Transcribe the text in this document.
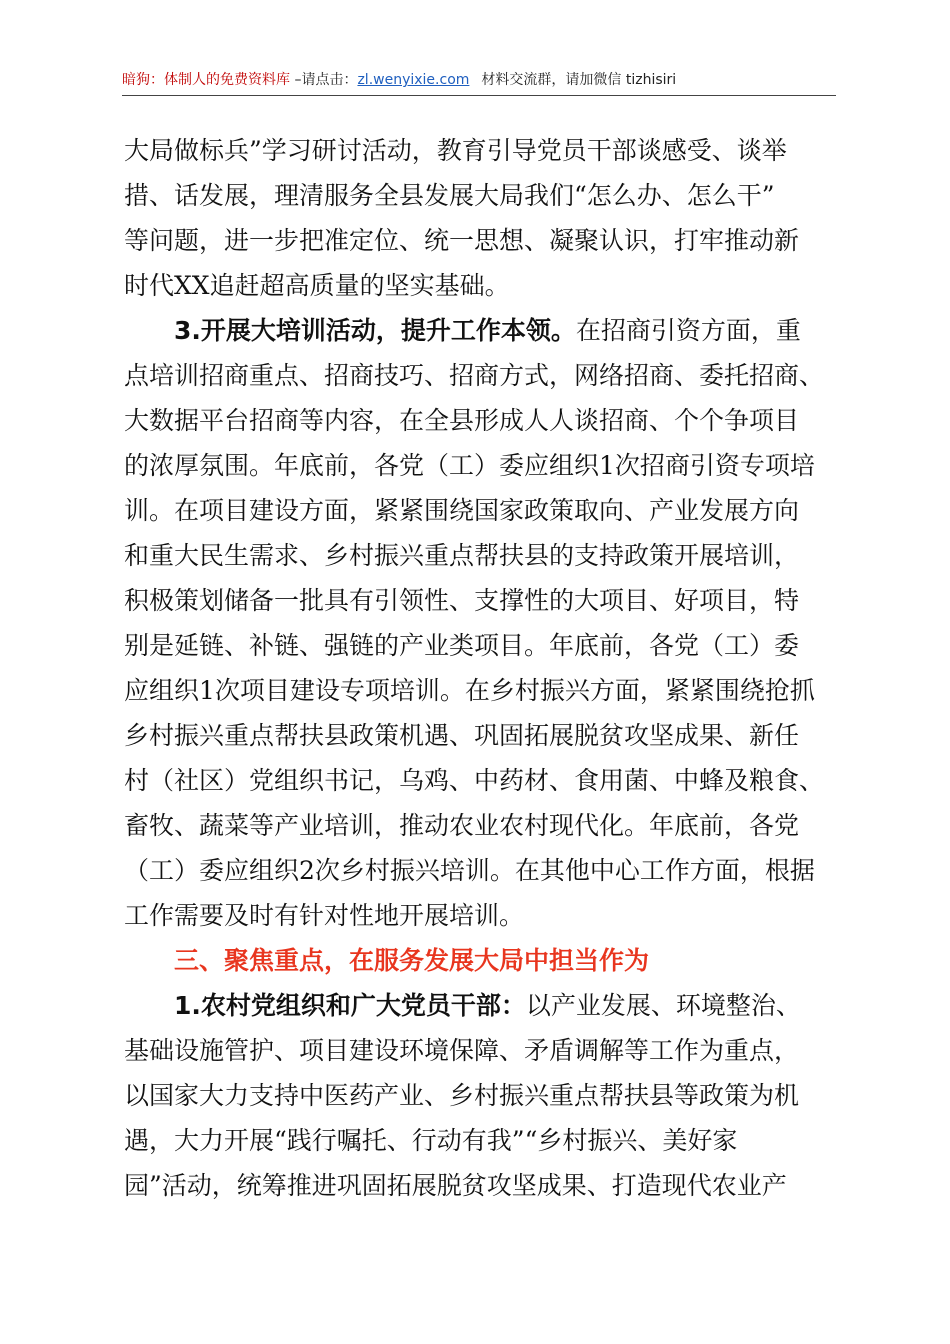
暗狗：体制人的免费资料库 –请点击：zl.wenyixie.com 材料交流群，请加微信 tizhisiri

大局做标兵”学习研讨活动，教育引导党员干部谈感受、谈举
措、话发展，理清服务全县发展大局我们“怎么办、怎么干”
等问题，进一步把准定位、统一思想、凝聚认识，打牢推动新
时代XX追赶超高质量的坚实基础。

3.开展大培训活动，提升工作本领。在招商引资方面，重
点培训招商重点、招商技巧、招商方式，网络招商、委托招商、
大数据平台招商等内容，在全县形成人人谈招商、个个争项目
的浓厚氛围。年底前，各党（工）委应组织1次招商引资专项培
训。在项目建设方面，紧紧围绕国家政策取向、产业发展方向
和重大民生需求、乡村振兴重点帮扶县的支持政策开展培训，
积极策划储备一批具有引领性、支撑性的大项目、好项目，特
别是延链、补链、强链的产业类项目。年底前，各党（工）委
应组织1次项目建设专项培训。在乡村振兴方面，紧紧围绕抢抓
乡村振兴重点帮扶县政策机遇、巩固拓展脱贫攻坚成果、新任
村（社区）党组织书记，乌鸡、中药材、食用菌、中蜂及粮食、
畜牧、蔬菜等产业培训，推动农业农村现代化。年底前，各党
（工）委应组织2次乡村振兴培训。在其他中心工作方面，根据
工作需要及时有针对性地开展培训。

三、聚焦重点，在服务发展大局中担当作为

1.农村党组织和广大党员干部：以产业发展、环境整治、
基础设施管护、项目建设环境保障、矛盾调解等工作为重点，
以国家大力支持中医药产业、乡村振兴重点帮扶县等政策为机
遇，大力开展“践行嘱托、行动有我”“乡村振兴、美好家
园”活动，统筹推进巩固拓展脱贫攻坚成果、打造现代农业产
